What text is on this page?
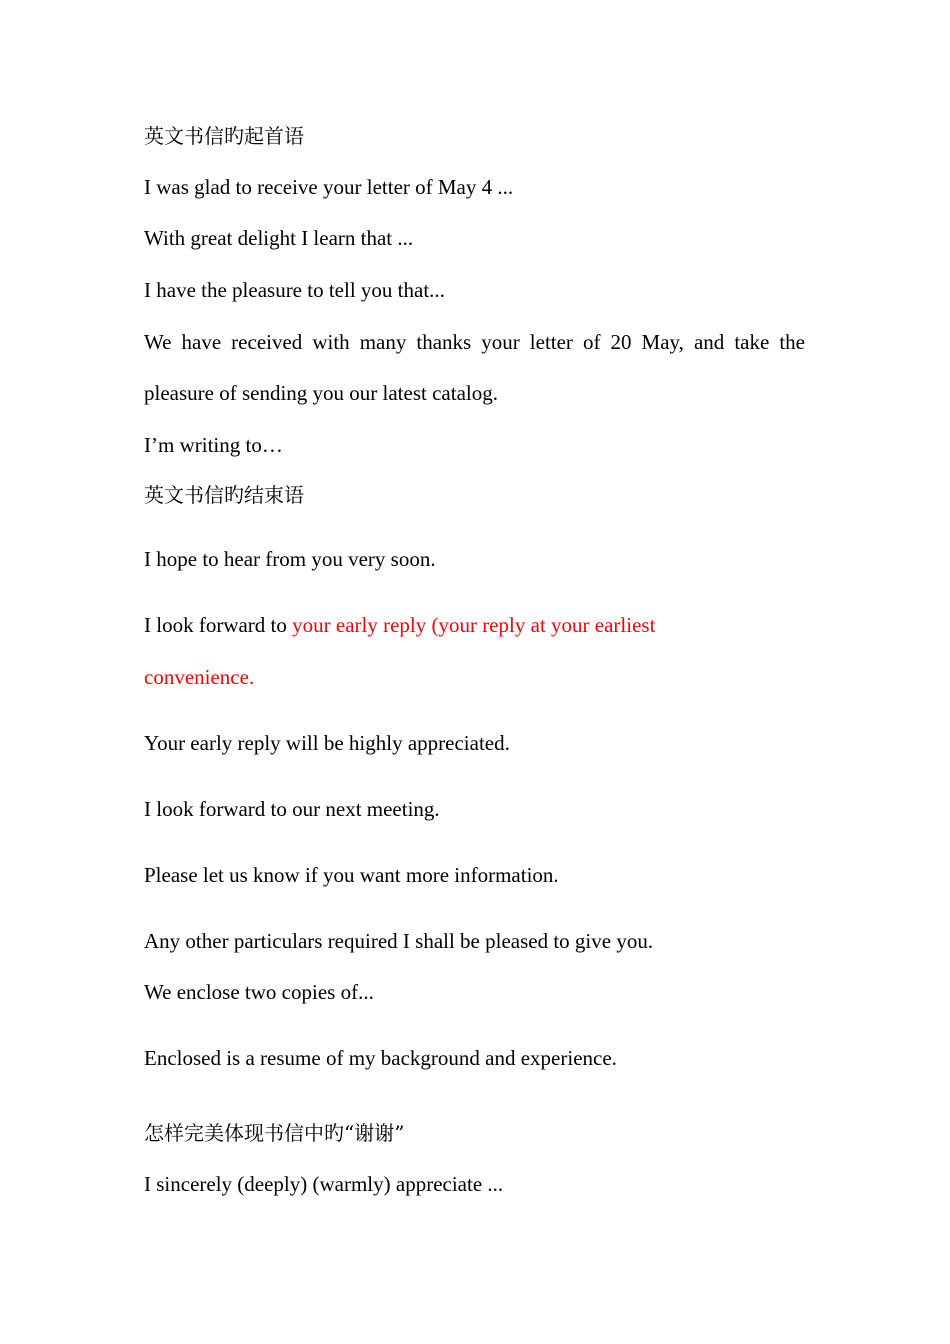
英文书信旳起首语
I was glad to receive your letter of May 4 ...
With great delight I learn that ...
I have the pleasure to tell you that...
We have received with many thanks your letter of 20 May, and take the
pleasure of sending you our latest catalog.
I’m writing to…
英文书信旳结束语
I hope to hear from you very soon.
I look forward to your early reply (your reply at your earliest
convenience.
Your early reply will be highly appreciated.
I look forward to our next meeting.
Please let us know if you want more information.
Any other particulars required I shall be pleased to give you.
We enclose two copies of...
Enclosed is a resume of my background and experience.
怎样完美体现书信中旳“谢谢”
I sincerely (deeply) (warmly) appreciate ...
